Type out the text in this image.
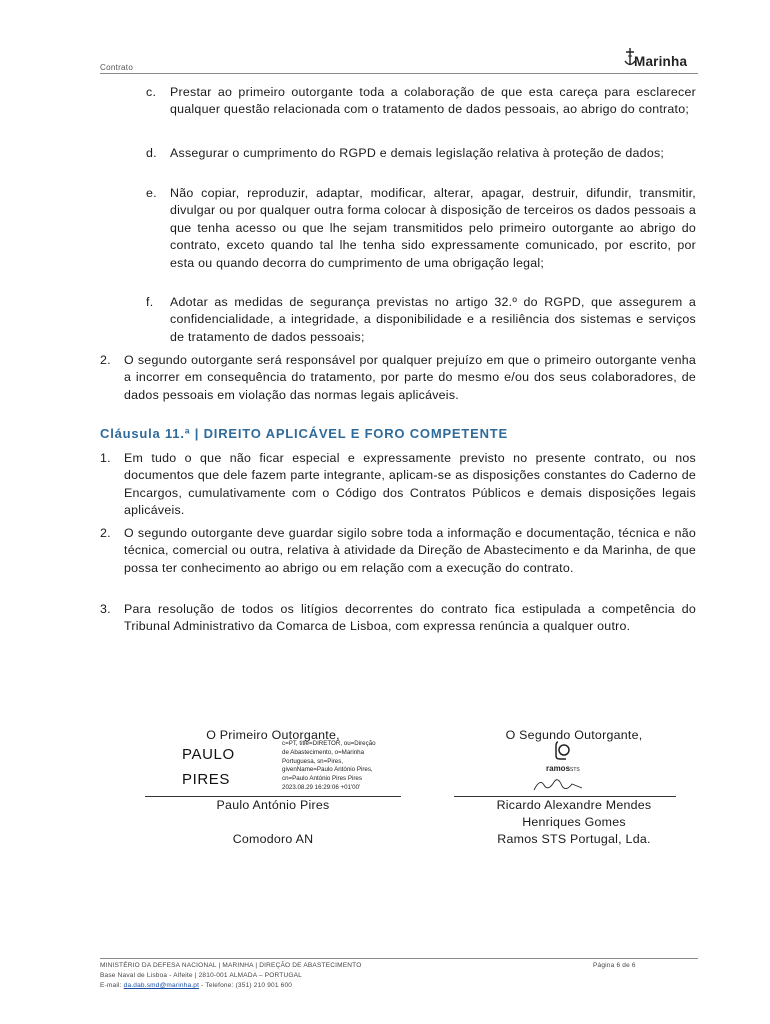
Contrato	Marinha
c. Prestar ao primeiro outorgante toda a colaboração de que esta careça para esclarecer qualquer questão relacionada com o tratamento de dados pessoais, ao abrigo do contrato;
d. Assegurar o cumprimento do RGPD e demais legislação relativa à proteção de dados;
e. Não copiar, reproduzir, adaptar, modificar, alterar, apagar, destruir, difundir, transmitir, divulgar ou por qualquer outra forma colocar à disposição de terceiros os dados pessoais a que tenha acesso ou que lhe sejam transmitidos pelo primeiro outorgante ao abrigo do contrato, exceto quando tal lhe tenha sido expressamente comunicado, por escrito, por esta ou quando decorra do cumprimento de uma obrigação legal;
f. Adotar as medidas de segurança previstas no artigo 32.º do RGPD, que assegurem a confidencialidade, a integridade, a disponibilidade e a resiliência dos sistemas e serviços de tratamento de dados pessoais;
2. O segundo outorgante será responsável por qualquer prejuízo em que o primeiro outorgante venha a incorrer em consequência do tratamento, por parte do mesmo e/ou dos seus colaboradores, de dados pessoais em violação das normas legais aplicáveis.
Cláusula 11.ª | DIREITO APLICÁVEL E FORO COMPETENTE
1. Em tudo o que não ficar especial e expressamente previsto no presente contrato, ou nos documentos que dele fazem parte integrante, aplicam-se as disposições constantes do Caderno de Encargos, cumulativamente com o Código dos Contratos Públicos e demais disposições legais aplicáveis.
2. O segundo outorgante deve guardar sigilo sobre toda a informação e documentação, técnica e não técnica, comercial ou outra, relativa à atividade da Direção de Abastecimento e da Marinha, de que possa ter conhecimento ao abrigo ou em relação com a execução do contrato.
3. Para resolução de todos os litígios decorrentes do contrato fica estipulada a competência do Tribunal Administrativo da Comarca de Lisboa, com expressa renúncia a qualquer outro.
O Primeiro Outorgante,
PAULO
PIRES
c=PT, title=DIRETOR, ou=Direção
de Abastecimento, o=Marinha
Portuguesa, sn=Pires,
givenName=Paulo António Pires,
cn=Paulo António Pires Pires
2023.08.29 16:29:06 +01'00'
Paulo António Pires
Comodoro AN
O Segundo Outorgante,
ramos STS
Ricardo Alexandre Mendes
Henriques Gomes
Ramos STS Portugal, Lda.
MINISTÉRIO DA DEFESA NACIONAL | MARINHA | DIREÇÃO DE ABASTECIMENTO
Base Naval de Lisboa - Alfeite | 2810-001 ALMADA – PORTUGAL
E-mail: da.dab.smd@marinha.pt - Telefone: (351) 210 901 600
Página 6 de 6
